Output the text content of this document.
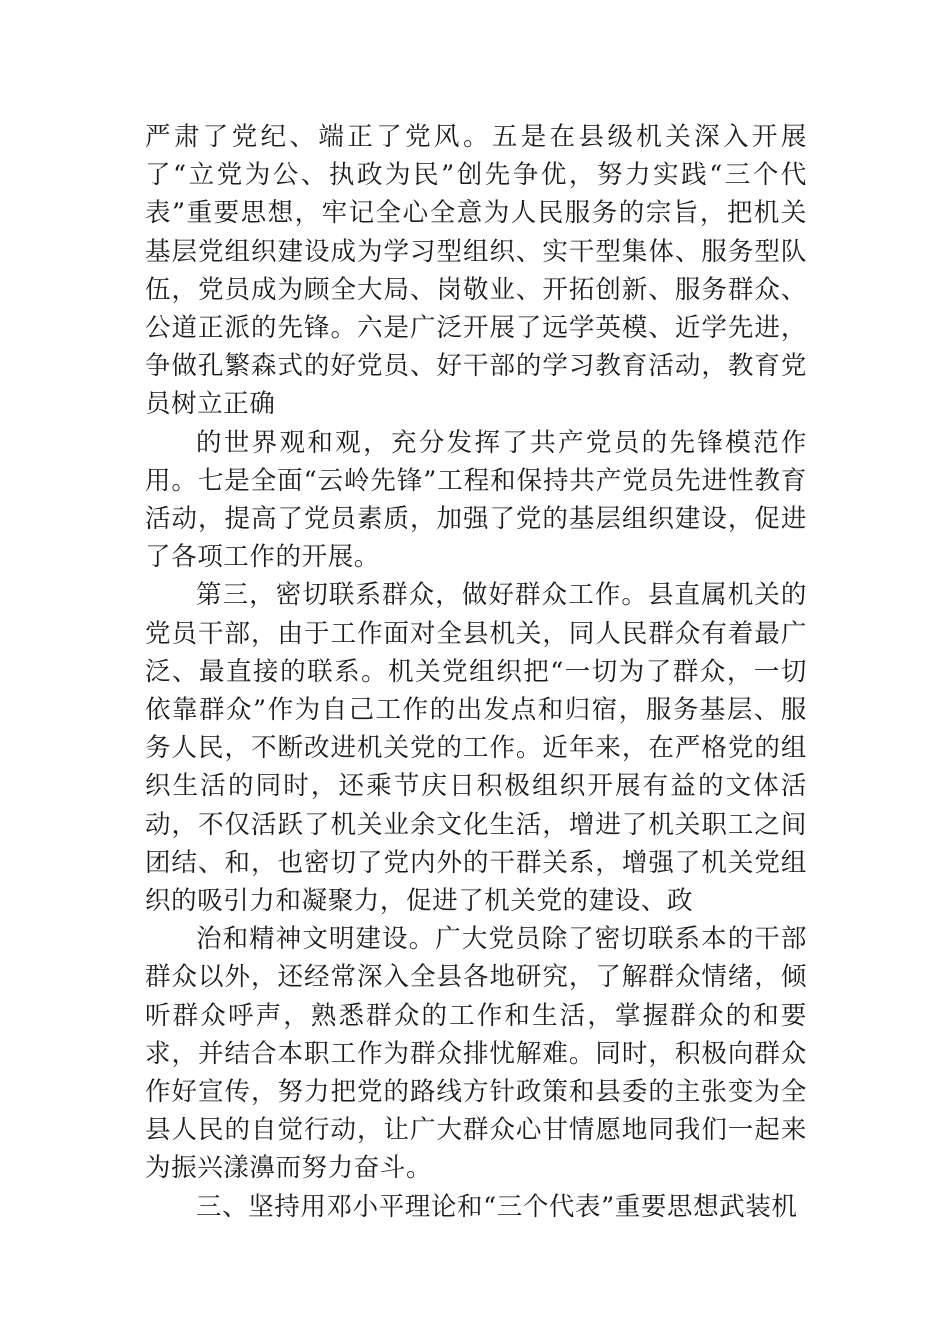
严肃了党纪、端正了党风。五是在县级机关深入开展了“立党为公、执政为民”创先争优，努力实践“三个代表”重要思想，牢记全心全意为人民服务的宗旨，把机关基层党组织建设成为学习型组织、实干型集体、服务型队伍，党员成为顾全大局、岗敬业、开拓创新、服务群众、公道正派的先锋。六是广泛开展了远学英模、近学先进，争做孔繁森式的好党员、好干部的学习教育活动，教育党员树立正确

的世界观和观，充分发挥了共产党员的先锋模范作用。七是全面“云岭先锋”工程和保持共产党员先进性教育活动，提高了党员素质，加强了党的基层组织建设，促进了各项工作的开展。

第三，密切联系群众，做好群众工作。县直属机关的党员干部，由于工作面对全县机关，同人民群众有着最广泛、最直接的联系。机关党组织把“一切为了群众，一切依靠群众”作为自己工作的出发点和归宿，服务基层、服务人民，不断改进机关党的工作。近年来，在严格党的组织生活的同时，还乘节庆日积极组织开展有益的文体活动，不仅活跃了机关业余文化生活，增进了机关职工之间团结、和，也密切了党内外的干群关系，增强了机关党组织的吸引力和凝聚力，促进了机关党的建设、政

治和精神文明建设。广大党员除了密切联系本的干部群众以外，还经常深入全县各地研究，了解群众情绪，倾听群众呼声，熟悉群众的工作和生活，掌握群众的和要求，并结合本职工作为群众排忧解难。同时，积极向群众作好宣传，努力把党的路线方针政策和县委的主张变为全县人民的自觉行动，让广大群众心甘情愿地同我们一起来为振兴漾濞而努力奋斗。

三、坚持用邓小平理论和“三个代表”重要思想武装机
